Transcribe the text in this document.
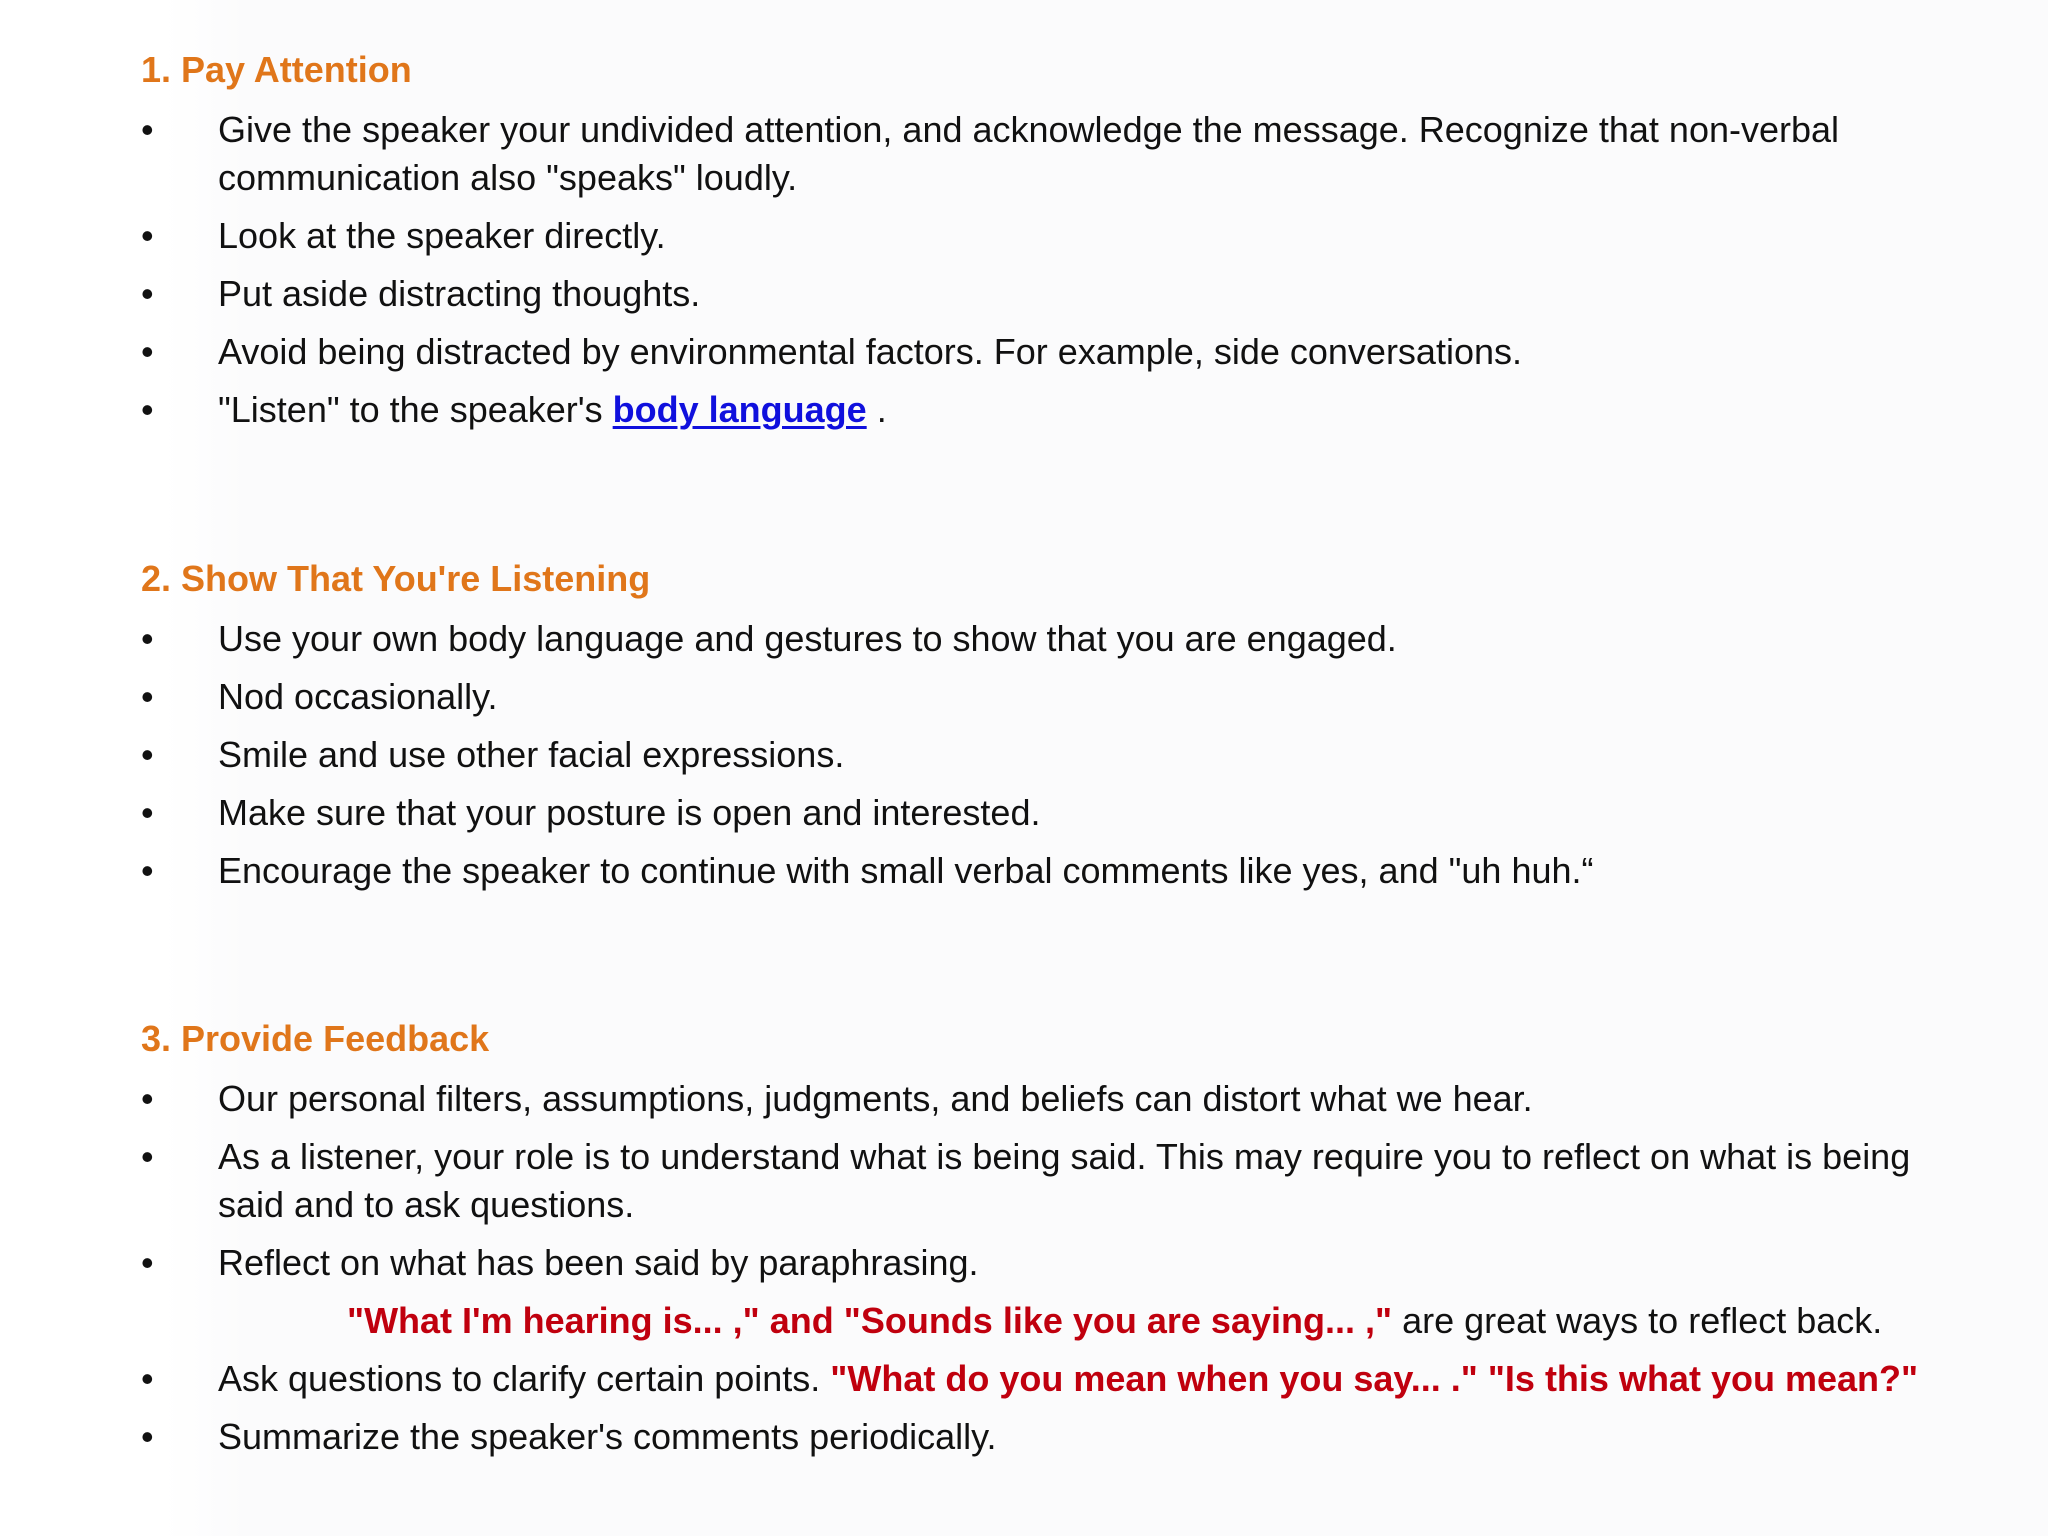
1. Pay Attention
•	Give the speaker your undivided attention, and acknowledge the message. Recognize that non-verbal communication also "speaks" loudly.
•	Look at the speaker directly.
•	Put aside distracting thoughts.
•	Avoid being distracted by environmental factors. For example, side conversations.
•	"Listen" to the speaker's body language .
2. Show That You're Listening
•	Use your own body language and gestures to show that you are engaged.
•	Nod occasionally.
•	Smile and use other facial expressions.
•	Make sure that your posture is open and interested.
•	Encourage the speaker to continue with small verbal comments like yes, and "uh huh.“
3. Provide Feedback
•	Our personal filters, assumptions, judgments, and beliefs can distort what we hear.
•	As a listener, your role is to understand what is being said. This may require you to reflect on what is being said and to ask questions.
•	Reflect on what has been said by paraphrasing.
"What I'm hearing is... ," and "Sounds like you are saying... ," are great ways to reflect back.
•	Ask questions to clarify certain points. "What do you mean when you say... ." "Is this what you mean?"
•	Summarize the speaker's comments periodically.
